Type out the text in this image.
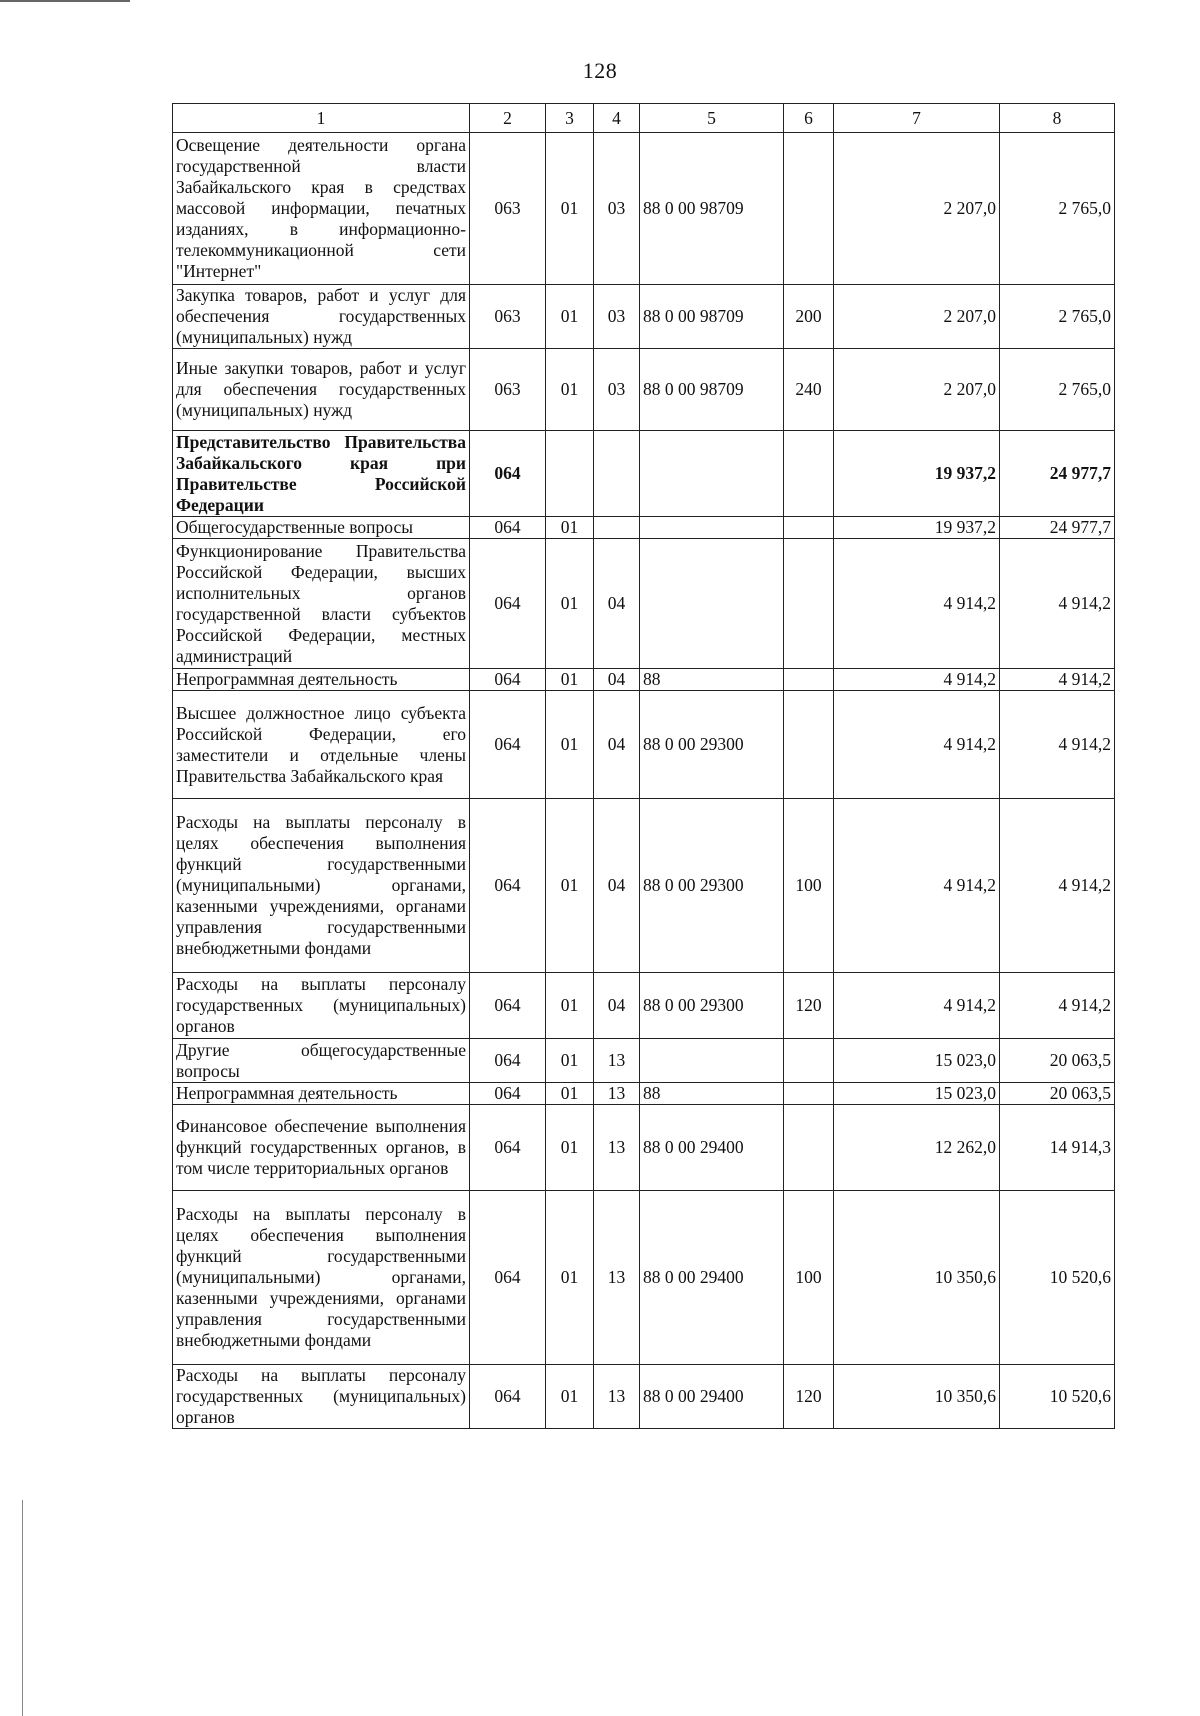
128
1	2	3	4	5	6	7	8
Освещение деятельности органа государственной власти Забайкальского края в средствах массовой информации, печатных изданиях, в информационно-телекоммуникационной сети "Интернет"	063	01	03	88 0 00 98709		2 207,0	2 765,0
Закупка товаров, работ и услуг для обеспечения государственных (муниципальных) нужд	063	01	03	88 0 00 98709	200	2 207,0	2 765,0
Иные закупки товаров, работ и услуг для обеспечения государственных (муниципальных) нужд	063	01	03	88 0 00 98709	240	2 207,0	2 765,0
Представительство Правительства Забайкальского края при Правительстве Российской Федерации	064					19 937,2	24 977,7
Общегосударственные вопросы	064	01				19 937,2	24 977,7
Функционирование Правительства Российской Федерации, высших исполнительных органов государственной власти субъектов Российской Федерации, местных администраций	064	01	04			4 914,2	4 914,2
Непрограммная деятельность	064	01	04	88		4 914,2	4 914,2
Высшее должностное лицо субъекта Российской Федерации, его заместители и отдельные члены Правительства Забайкальского края	064	01	04	88 0 00 29300		4 914,2	4 914,2
Расходы на выплаты персоналу в целях обеспечения выполнения функций государственными (муниципальными) органами, казенными учреждениями, органами управления государственными внебюджетными фондами	064	01	04	88 0 00 29300	100	4 914,2	4 914,2
Расходы на выплаты персоналу государственных (муниципальных) органов	064	01	04	88 0 00 29300	120	4 914,2	4 914,2
Другие общегосударственные вопросы	064	01	13			15 023,0	20 063,5
Непрограммная деятельность	064	01	13	88		15 023,0	20 063,5
Финансовое обеспечение выполнения функций государственных органов, в том числе территориальных органов	064	01	13	88 0 00 29400		12 262,0	14 914,3
Расходы на выплаты персоналу в целях обеспечения выполнения функций государственными (муниципальными) органами, казенными учреждениями, органами управления государственными внебюджетными фондами	064	01	13	88 0 00 29400	100	10 350,6	10 520,6
Расходы на выплаты персоналу государственных (муниципальных) органов	064	01	13	88 0 00 29400	120	10 350,6	10 520,6
